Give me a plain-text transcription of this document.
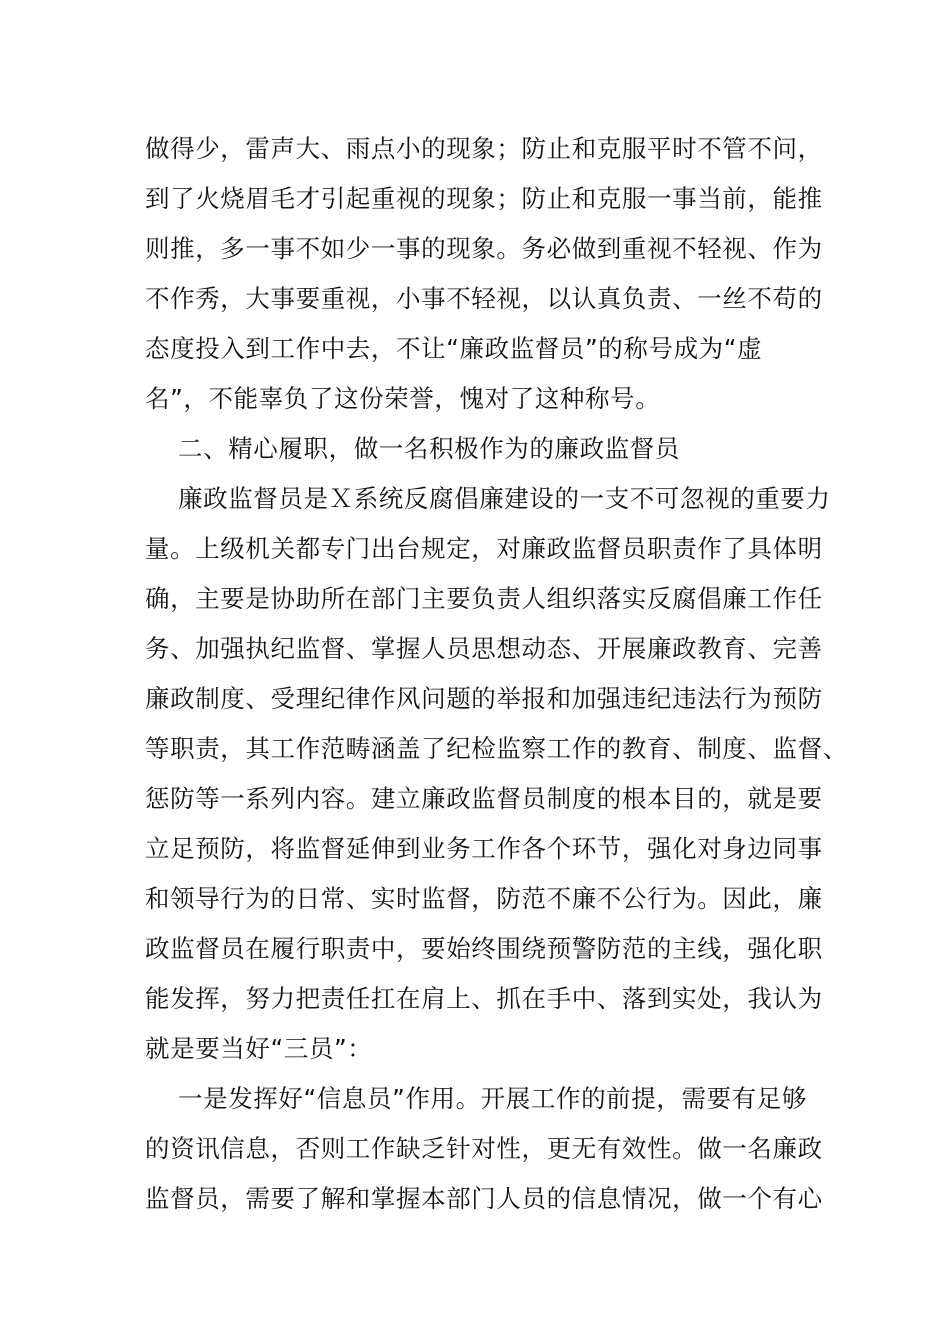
做得少，雷声大、雨点小的现象；防止和克服平时不管不问，
到了火烧眉毛才引起重视的现象；防止和克服一事当前，能推
则推，多一事不如少一事的现象。务必做到重视不轻视、作为
不作秀，大事要重视，小事不轻视，以认真负责、一丝不苟的
态度投入到工作中去，不让“廉政监督员”的称号成为“虚
名”，不能辜负了这份荣誉，愧对了这种称号。
二、精心履职，做一名积极作为的廉政监督员
廉政监督员是Ｘ系统反腐倡廉建设的一支不可忽视的重要力
量。上级机关都专门出台规定，对廉政监督员职责作了具体明
确，主要是协助所在部门主要负责人组织落实反腐倡廉工作任
务、加强执纪监督、掌握人员思想动态、开展廉政教育、完善
廉政制度、受理纪律作风问题的举报和加强违纪违法行为预防
等职责，其工作范畴涵盖了纪检监察工作的教育、制度、监督、
惩防等一系列内容。建立廉政监督员制度的根本目的，就是要
立足预防，将监督延伸到业务工作各个环节，强化对身边同事
和领导行为的日常、实时监督，防范不廉不公行为。因此，廉
政监督员在履行职责中，要始终围绕预警防范的主线，强化职
能发挥，努力把责任扛在肩上、抓在手中、落到实处，我认为
就是要当好“三员”：
一是发挥好“信息员”作用。开展工作的前提，需要有足够
的资讯信息，否则工作缺乏针对性，更无有效性。做一名廉政
监督员，需要了解和掌握本部门人员的信息情况，做一个有心
